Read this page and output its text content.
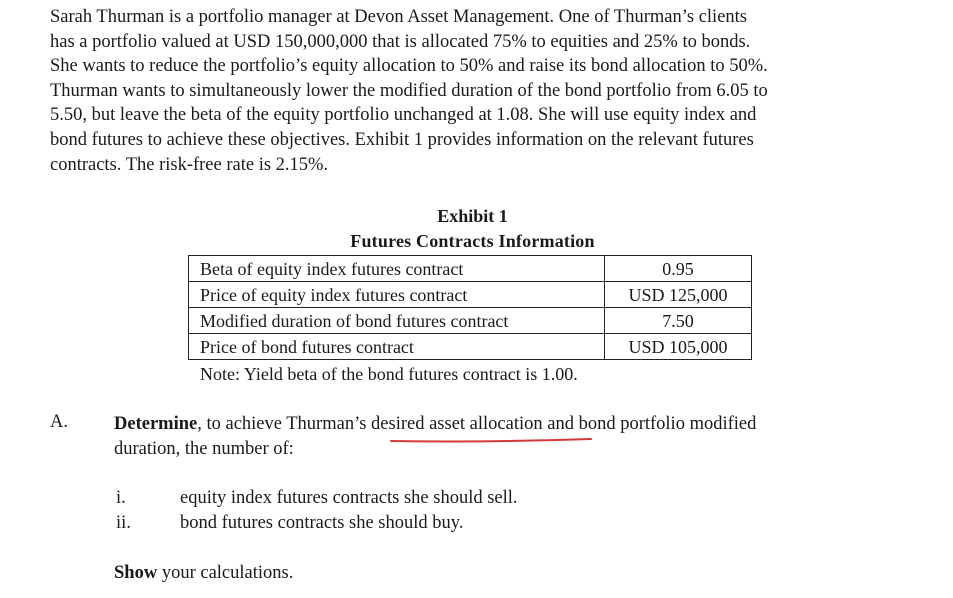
Sarah Thurman is a portfolio manager at Devon Asset Management. One of Thurman’s clients
has a portfolio valued at USD 150,000,000 that is allocated 75% to equities and 25% to bonds.
She wants to reduce the portfolio’s equity allocation to 50% and raise its bond allocation to 50%.
Thurman wants to simultaneously lower the modified duration of the bond portfolio from 6.05 to
5.50, but leave the beta of the equity portfolio unchanged at 1.08. She will use equity index and
bond futures to achieve these objectives. Exhibit 1 provides information on the relevant futures
contracts. The risk-free rate is 2.15%.
Exhibit 1
Futures Contracts Information
Beta of equity index futures contract	0.95
Price of equity index futures contract	USD 125,000
Modified duration of bond futures contract	7.50
Price of bond futures contract	USD 105,000
Note: Yield beta of the bond futures contract is 1.00.
A. Determine, to achieve Thurman’s desired asset allocation and bond portfolio modified
duration, the number of:
i.	equity index futures contracts she should sell.
ii.	bond futures contracts she should buy.
Show your calculations.
